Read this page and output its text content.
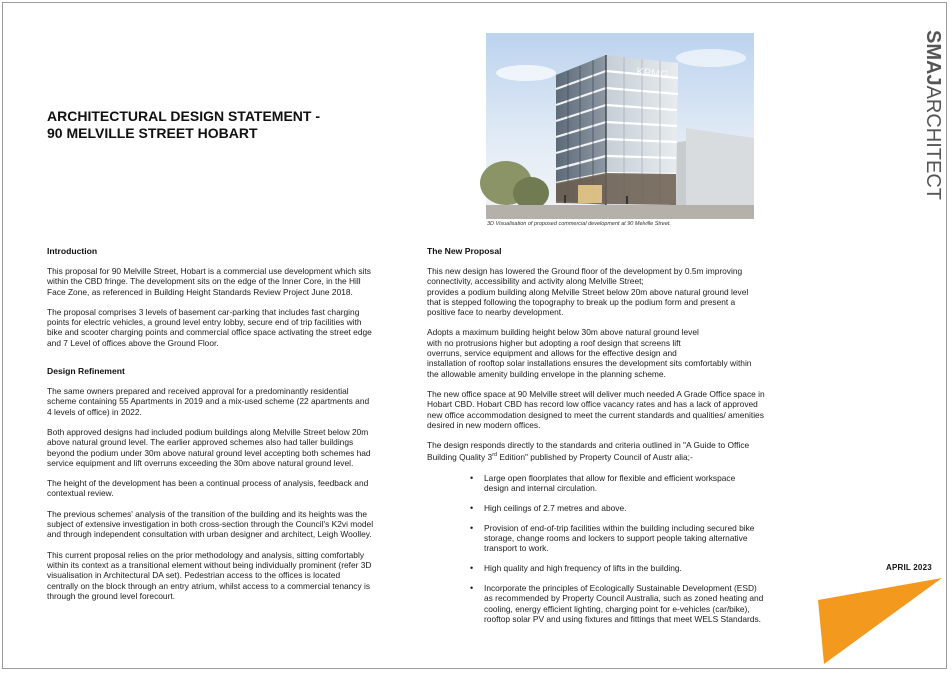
ARCHITECTURAL DESIGN STATEMENT -
90 MELVILLE STREET HOBART
KPMG
3D Visualisation of proposed commercial development at 90 Melville Street.
Introduction

This proposal for 90 Melville Street, Hobart is a commercial use development which sits
within the CBD fringe. The development sits on the edge of the Inner Core, in the Hill
Face Zone, as referenced in Building Height Standards Review Project June 2018.

The proposal comprises 3 levels of basement car-parking that includes fast charging
points for electric vehicles, a ground level entry lobby, secure end of trip facilities with
bike and scooter charging points and commercial office space activating the street edge
and 7 Level of offices above the Ground Floor.

Design Refinement

The same owners prepared and received approval for a predominantly residential
scheme containing 55 Apartments in 2019 and a mix-used scheme (22 apartments and
4 levels of office) in 2022.

Both approved designs had included podium buildings along Melville Street below 20m
above natural ground level. The earlier approved schemes also had taller buildings
beyond the podium under 30m above natural ground level accepting both schemes had
service equipment and lift overruns exceeding the 30m above natural ground level.

The height of the development has been a continual process of analysis, feedback and
contextual review.

The previous schemes' analysis of the transition of the building and its heights was the
subject of extensive investigation in both cross-section through the Council's K2vi model
and through independent consultation with urban designer and architect, Leigh Woolley.

This current proposal relies on the prior methodology and analysis, sitting comfortably
within its context as a transitional element without being individually prominent (refer 3D
visualisation in Architectural DA set). Pedestrian access to the offices is located
centrally on the block through an entry atrium, whilst access to a commercial tenancy is
through the ground level forecourt.

The New Proposal

This new design has lowered the Ground floor of the development by 0.5m improving
connectivity, accessibility and activity along Melville Street;
provides a podium building along Melville Street below 20m above natural ground level
that is stepped following the topography to break up the podium form and present a
positive face to nearby development.

Adopts a maximum building height below 30m above natural ground level
with no protrusions higher but adopting a roof design that screens lift
overruns, service equipment and allows for the effective design and
installation of rooftop solar installations ensures the development sits comfortably within
the allowable amenity building envelope in the planning scheme.

The new office space at 90 Melville street will deliver much needed A Grade Office space in
Hobart CBD. Hobart CBD has record low office vacancy rates and has a lack of approved
new office accommodation designed to meet the current standards and qualities/ amenities
desired in new modern offices.

The design responds directly to the standards and criteria outlined in "A Guide to Office
Building Quality 3rd Edition" published by Property Council of Austr alia;-

• Large open floorplates that allow for flexible and efficient workspace
design and internal circulation.
• High ceilings of 2.7 metres and above.
• Provision of end-of-trip facilities within the building including secured bike
storage, change rooms and lockers to support people taking alternative
transport to work.
• High quality and high frequency of lifts in the building.
• Incorporate the principles of Ecologically Sustainable Development (ESD)
as recommended by Property Council Australia, such as zoned heating and
cooling, energy efficient lighting, charging point for e-vehicles (car/bike),
rooftop solar PV and using fixtures and fittings that meet WELS Standards.
SMAJARCHITECT
APRIL 2023
